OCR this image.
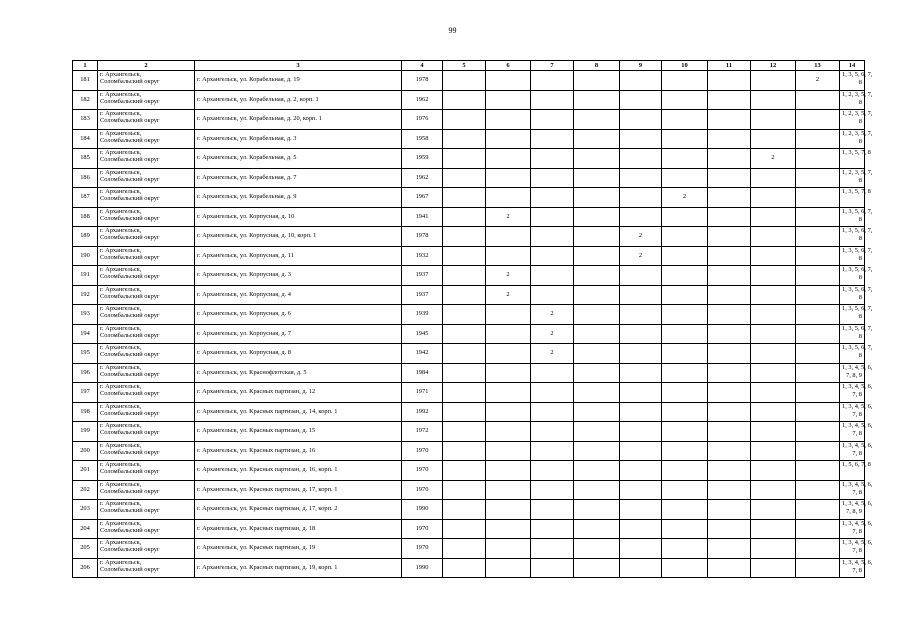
99
1	2	3	4	5	6	7	8	9	10	11	12	13	14
181	г. Архангельск,
Соломбальский округ	г. Архангельск, ул. Корабельная, д. 19	1978									2	1, 3, 5, 6, 7,
8
182	г. Архангельск,
Соломбальский округ	г. Архангельск, ул. Корабельная, д. 2, корп. 1	1962										1, 2, 3, 5, 7,
8
183	г. Архангельск,
Соломбальский округ	г. Архангельск, ул. Корабельная, д. 20, корп. 1	1976										1, 2, 3, 5, 7,
8
184	г. Архангельск,
Соломбальский округ	г. Архангельск, ул. Корабельная, д. 3	1958										1, 2, 3, 5, 7,
8
185	г. Архангельск,
Соломбальский округ	г. Архангельск, ул. Корабельная, д. 5	1959								2		1, 3, 5, 7, 8
186	г. Архангельск,
Соломбальский округ	г. Архангельск, ул. Корабельная, д. 7	1962										1, 2, 3, 5, 7,
8
187	г. Архангельск,
Соломбальский округ	г. Архангельск, ул. Корабельная, д. 9	1967						2				1, 3, 5, 7, 8
188	г. Архангельск,
Соломбальский округ	г. Архангельск, ул. Корпусная, д. 10	1941		2								1, 3, 5, 6, 7,
8
189	г. Архангельск,
Соломбальский округ	г. Архангельск, ул. Корпусная, д. 10, корп. 1	1978					2					1, 3, 5, 6, 7,
8
190	г. Архангельск,
Соломбальский округ	г. Архангельск, ул. Корпусная, д. 11	1932					2					1, 3, 5, 6, 7,
8
191	г. Архангельск,
Соломбальский округ	г. Архангельск, ул. Корпусная, д. 3	1937		2								1, 3, 5, 6, 7,
8
192	г. Архангельск,
Соломбальский округ	г. Архангельск, ул. Корпусная, д. 4	1937		2								1, 3, 5, 6, 7,
8
193	г. Архангельск,
Соломбальский округ	г. Архангельск, ул. Корпусная, д. 6	1939			2							1, 3, 5, 6, 7,
8
194	г. Архангельск,
Соломбальский округ	г. Архангельск, ул. Корпусная, д. 7	1945			2							1, 3, 5, 6, 7,
8
195	г. Архангельск,
Соломбальский округ	г. Архангельск, ул. Корпусная, д. 8	1942			2							1, 3, 5, 6, 7,
8
196	г. Архангельск,
Соломбальский округ	г. Архангельск, ул. Краснофлотская, д. 5	1984										1, 3, 4, 5, 6,
7, 8, 9
197	г. Архангельск,
Соломбальский округ	г. Архангельск, ул. Красных партизан, д. 12	1971										1, 3, 4, 5, 6,
7, 8
198	г. Архангельск,
Соломбальский округ	г. Архангельск, ул. Красных партизан, д. 14, корп. 1	1992										1, 3, 4, 5, 6,
7, 8
199	г. Архангельск,
Соломбальский округ	г. Архангельск, ул. Красных партизан, д. 15	1972										1, 3, 4, 5, 6,
7, 8
200	г. Архангельск,
Соломбальский округ	г. Архангельск, ул. Красных партизан, д. 16	1970										1, 3, 4, 5, 6,
7, 8
201	г. Архангельск,
Соломбальский округ	г. Архангельск, ул. Красных партизан, д. 16, корп. 1	1970										1, 5, 6, 7, 8
202	г. Архангельск,
Соломбальский округ	г. Архангельск, ул. Красных партизан, д. 17, корп. 1	1970										1, 3, 4, 5, 6,
7, 8
203	г. Архангельск,
Соломбальский округ	г. Архангельск, ул. Красных партизан, д. 17, корп. 2	1990										1, 3, 4, 5, 6,
7, 8, 9
204	г. Архангельск,
Соломбальский округ	г. Архангельск, ул. Красных партизан, д. 18	1970										1, 3, 4, 5, 6,
7, 8
205	г. Архангельск,
Соломбальский округ	г. Архангельск, ул. Красных партизан, д. 19	1970										1, 3, 4, 5, 6,
7, 8
206	г. Архангельск,
Соломбальский округ	г. Архангельск, ул. Красных партизан, д. 19, корп. 1	1990										1, 3, 4, 5, 6,
7, 8
